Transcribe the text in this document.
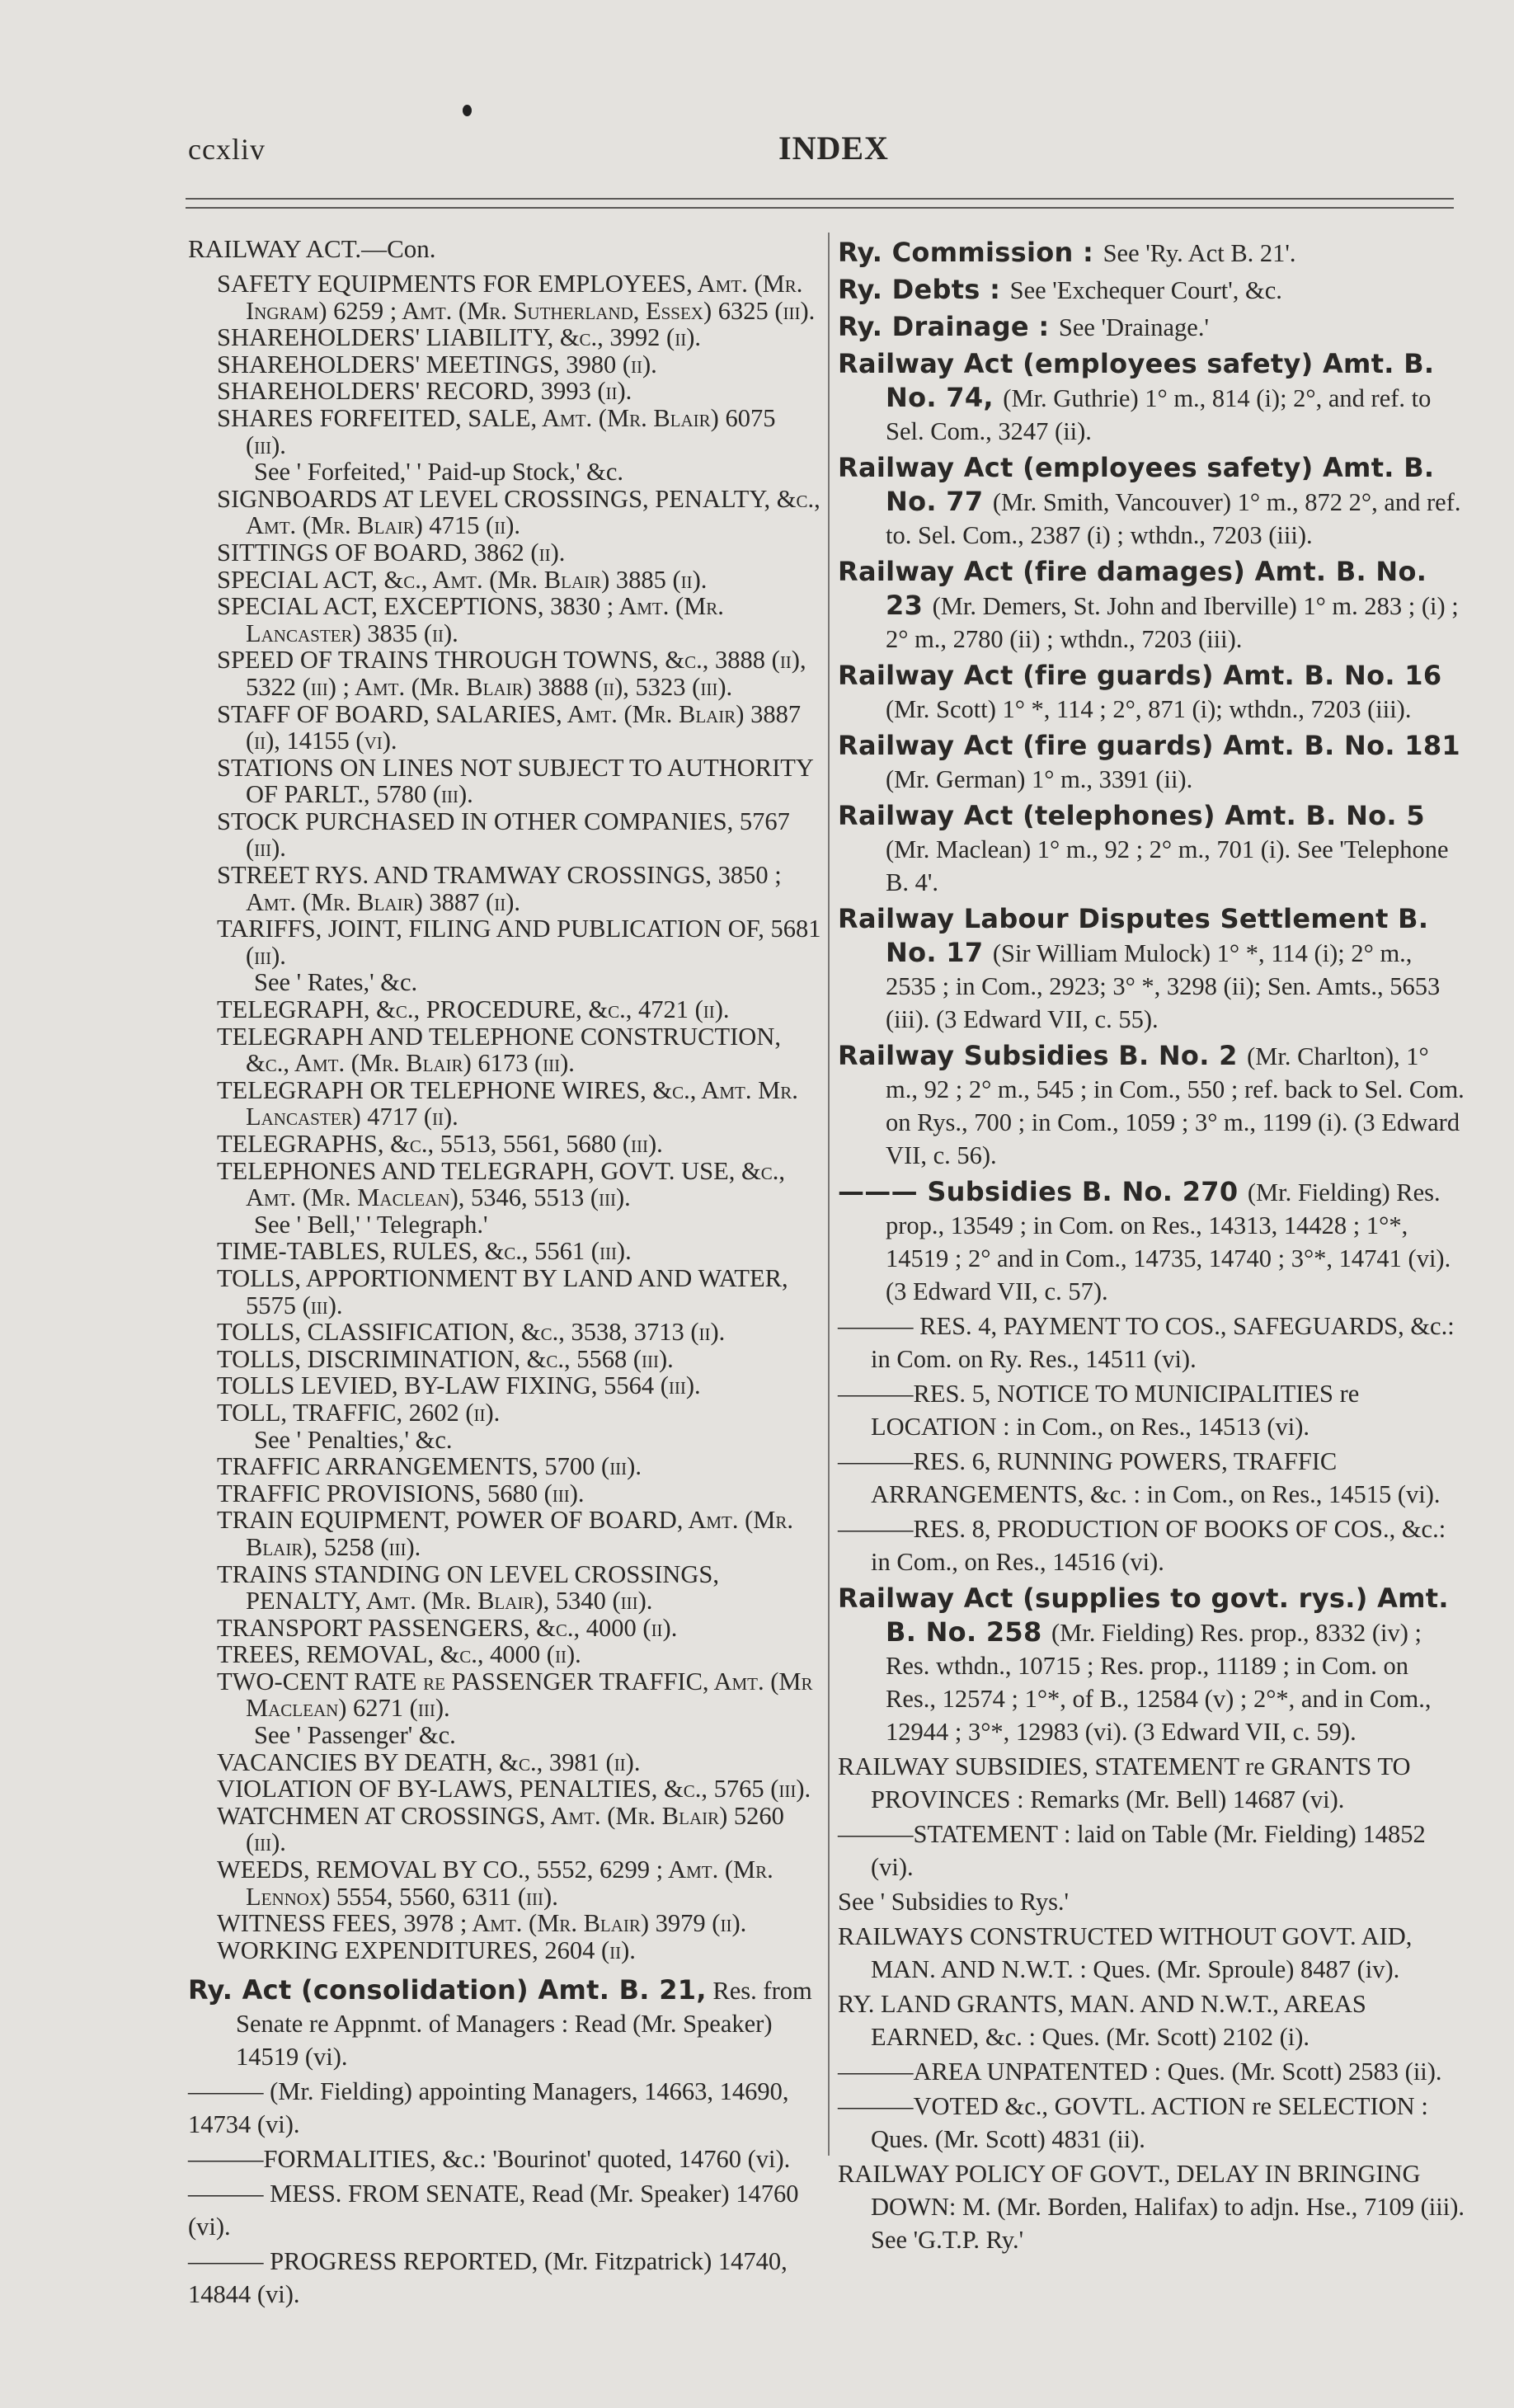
ccxliv	INDEX
RAILWAY ACT.—Con.
SAFETY EQUIPMENTS FOR EMPLOYEES, Amt. (Mr. Ingram) 6259 ; Amt. (Mr. Sutherland, Essex) 6325 (iii).
SHAREHOLDERS' LIABILITY, &c., 3992 (ii).
SHAREHOLDERS' MEETINGS, 3980 (ii).
SHAREHOLDERS' RECORD, 3993 (ii).
SHARES FORFEITED, SALE, Amt. (Mr. Blair) 6075 (iii).
See ' Forfeited,' ' Paid-up Stock,' &c.
SIGNBOARDS AT LEVEL CROSSINGS, PENALTY, &c., Amt. (Mr. Blair) 4715 (ii).
SITTINGS OF BOARD, 3862 (ii).
SPECIAL ACT, &c., Amt. (Mr. Blair) 3885 (ii).
SPECIAL ACT, EXCEPTIONS, 3830 ; Amt. (Mr. Lancaster) 3835 (ii).
SPEED OF TRAINS THROUGH TOWNS, &c., 3888 (ii), 5322 (iii) ; Amt. (Mr. Blair) 3888 (ii), 5323 (iii).
STAFF OF BOARD, SALARIES, Amt. (Mr. Blair) 3887 (ii), 14155 (vi).
STATIONS ON LINES NOT SUBJECT TO AUTHORITY OF PARLT., 5780 (iii).
STOCK PURCHASED IN OTHER COMPANIES, 5767 (iii).
STREET RYS. AND TRAMWAY CROSSINGS, 3850 ; Amt. (Mr. Blair) 3887 (ii).
TARIFFS, JOINT, FILING AND PUBLICATION OF, 5681 (iii).
See ' Rates,' &c.
TELEGRAPH, &c., PROCEDURE, &c., 4721 (ii).
TELEGRAPH AND TELEPHONE CONSTRUCTION, &c., Amt. (Mr. Blair) 6173 (iii).
TELEGRAPH OR TELEPHONE WIRES, &c., Amt. Mr. Lancaster) 4717 (ii).
TELEGRAPHS, &c., 5513, 5561, 5680 (iii).
TELEPHONES AND TELEGRAPH, GOVT. USE, &c., Amt. (Mr. Maclean), 5346, 5513 (iii).
See ' Bell,' ' Telegraph.'
TIME-TABLES, RULES, &c., 5561 (iii).
TOLLS, APPORTIONMENT BY LAND AND WATER, 5575 (iii).
TOLLS, CLASSIFICATION, &c., 3538, 3713 (ii).
TOLLS, DISCRIMINATION, &c., 5568 (iii).
TOLLS LEVIED, BY-LAW FIXING, 5564 (iii).
TOLL, TRAFFIC, 2602 (ii).
See ' Penalties,' &c.
TRAFFIC ARRANGEMENTS, 5700 (iii).
TRAFFIC PROVISIONS, 5680 (iii).
TRAIN EQUIPMENT, POWER OF BOARD, Amt. (Mr. Blair), 5258 (iii).
TRAINS STANDING ON LEVEL CROSSINGS, PENALTY, Amt. (Mr. Blair), 5340 (iii).
TRANSPORT PASSENGERS, &c., 4000 (ii).
TREES, REMOVAL, &c., 4000 (ii).
TWO-CENT RATE re PASSENGER TRAFFIC, Amt. (Mr Maclean) 6271 (iii).
See ' Passenger' &c.
VACANCIES BY DEATH, &c., 3981 (ii).
VIOLATION OF BY-LAWS, PENALTIES, &c., 5765 (iii).
WATCHMEN AT CROSSINGS, Amt. (Mr. Blair) 5260 (iii).
WEEDS, REMOVAL BY CO., 5552, 6299 ; Amt. (Mr. Lennox) 5554, 5560, 6311 (iii).
WITNESS FEES, 3978 ; Amt. (Mr. Blair) 3979 (ii).
WORKING EXPENDITURES, 2604 (ii).
Ry. Act (consolidation) Amt. B. 21, Res. from Senate re Appnmt. of Managers : Read (Mr. Speaker) 14519 (vi).
——— (Mr. Fielding) appointing Managers, 14663, 14690, 14734 (vi).
———FORMALITIES, &c.: 'Bourinot' quoted, 14760 (vi).
——— MESS. FROM SENATE, Read (Mr. Speaker) 14760 (vi).
——— PROGRESS REPORTED, (Mr. Fitzpatrick) 14740, 14844 (vi).
Ry. Commission : See 'Ry. Act B. 21'.
Ry. Debts : See 'Exchequer Court', &c.
Ry. Drainage : See 'Drainage.'
Railway Act (employees safety) Amt. B. No. 74, (Mr. Guthrie) 1° m., 814 (i); 2°, and ref. to Sel. Com., 3247 (ii).
Railway Act (employees safety) Amt. B. No. 77 (Mr. Smith, Vancouver) 1° m., 872 2°, and ref. to. Sel. Com., 2387 (i) ; wthdn., 7203 (iii).
Railway Act (fire damages) Amt. B. No. 23 (Mr. Demers, St. John and Iberville) 1° m. 283 ; (i) ; 2° m., 2780 (ii) ; wthdn., 7203 (iii).
Railway Act (fire guards) Amt. B. No. 16 (Mr. Scott) 1° *, 114 ; 2°, 871 (i); wthdn., 7203 (iii).
Railway Act (fire guards) Amt. B. No. 181 (Mr. German) 1° m., 3391 (ii).
Railway Act (telephones) Amt. B. No. 5 (Mr. Maclean) 1° m., 92 ; 2° m., 701 (i). See 'Telephone B. 4'.
Railway Labour Disputes Settlement B. No. 17 (Sir William Mulock) 1° *, 114 (i); 2° m., 2535 ; in Com., 2923; 3° *, 3298 (ii); Sen. Amts., 5653 (iii). (3 Edward VII, c. 55).
Railway Subsidies B. No. 2 (Mr. Charlton), 1° m., 92 ; 2° m., 545 ; in Com., 550 ; ref. back to Sel. Com. on Rys., 700 ; in Com., 1059 ; 3° m., 1199 (i). (3 Edward VII, c. 56).
——— Subsidies B. No. 270 (Mr. Fielding) Res. prop., 13549 ; in Com. on Res., 14313, 14428 ; 1°*, 14519 ; 2° and in Com., 14735, 14740 ; 3°*, 14741 (vi). (3 Edward VII, c. 57).
——— RES. 4, PAYMENT TO COS., SAFEGUARDS, &c.: in Com. on Ry. Res., 14511 (vi).
———RES. 5, NOTICE TO MUNICIPALITIES re LOCATION : in Com., on Res., 14513 (vi).
———RES. 6, RUNNING POWERS, TRAFFIC ARRANGEMENTS, &c. : in Com., on Res., 14515 (vi).
———RES. 8, PRODUCTION OF BOOKS OF COS., &c.: in Com., on Res., 14516 (vi).
Railway Act (supplies to govt. rys.) Amt. B. No. 258 (Mr. Fielding) Res. prop., 8332 (iv) ; Res. wthdn., 10715 ; Res. prop., 11189 ; in Com. on Res., 12574 ; 1°*, of B., 12584 (v) ; 2°*, and in Com., 12944 ; 3°*, 12983 (vi). (3 Edward VII, c. 59).
RAILWAY SUBSIDIES, STATEMENT re GRANTS TO PROVINCES : Remarks (Mr. Bell) 14687 (vi).
———STATEMENT : laid on Table (Mr. Fielding) 14852 (vi).
See ' Subsidies to Rys.'
RAILWAYS CONSTRUCTED WITHOUT GOVT. AID, MAN. AND N.W.T. : Ques. (Mr. Sproule) 8487 (iv).
RY. LAND GRANTS, MAN. AND N.W.T., AREAS EARNED, &c. : Ques. (Mr. Scott) 2102 (i).
———AREA UNPATENTED : Ques. (Mr. Scott) 2583 (ii).
———VOTED &c., GOVTL. ACTION re SELECTION : Ques. (Mr. Scott) 4831 (ii).
RAILWAY POLICY OF GOVT., DELAY IN BRINGING DOWN: M. (Mr. Borden, Halifax) to adjn. Hse., 7109 (iii). See 'G.T.P. Ry.'
